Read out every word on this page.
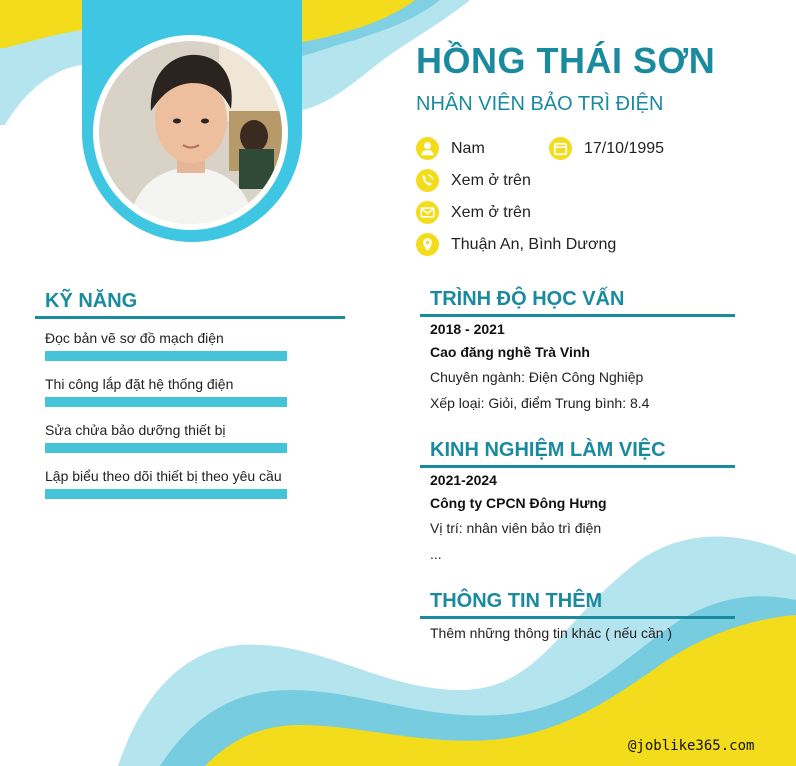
HỒNG THÁI SƠN

NHÂN VIÊN BẢO TRÌ ĐIỆN

Nam	17/10/1995
Xem ở trên
Xem ở trên
Thuận An, Bình Dương
KỸ NĂNG
Đọc bản vẽ sơ đồ mạch điện
Thi công lắp đặt hệ thống điện
Sửa chửa bảo dưỡng thiết bị
Lập biểu theo dõi thiết bị theo yêu cầu
TRÌNH ĐỘ HỌC VẤN
2018 - 2021
Cao đăng nghề Trà Vinh
Chuyên ngành: Điện Công Nghiệp
Xếp loại: Giỏi, điểm Trung bình: 8.4
KINH NGHIỆM LÀM VIỆC
2021-2024
Công ty CPCN Đông Hưng
Vị trí: nhân viên bảo trì điện
...
THÔNG TIN THÊM
Thêm những thông tin khác ( nếu cần )
@joblike365.com
